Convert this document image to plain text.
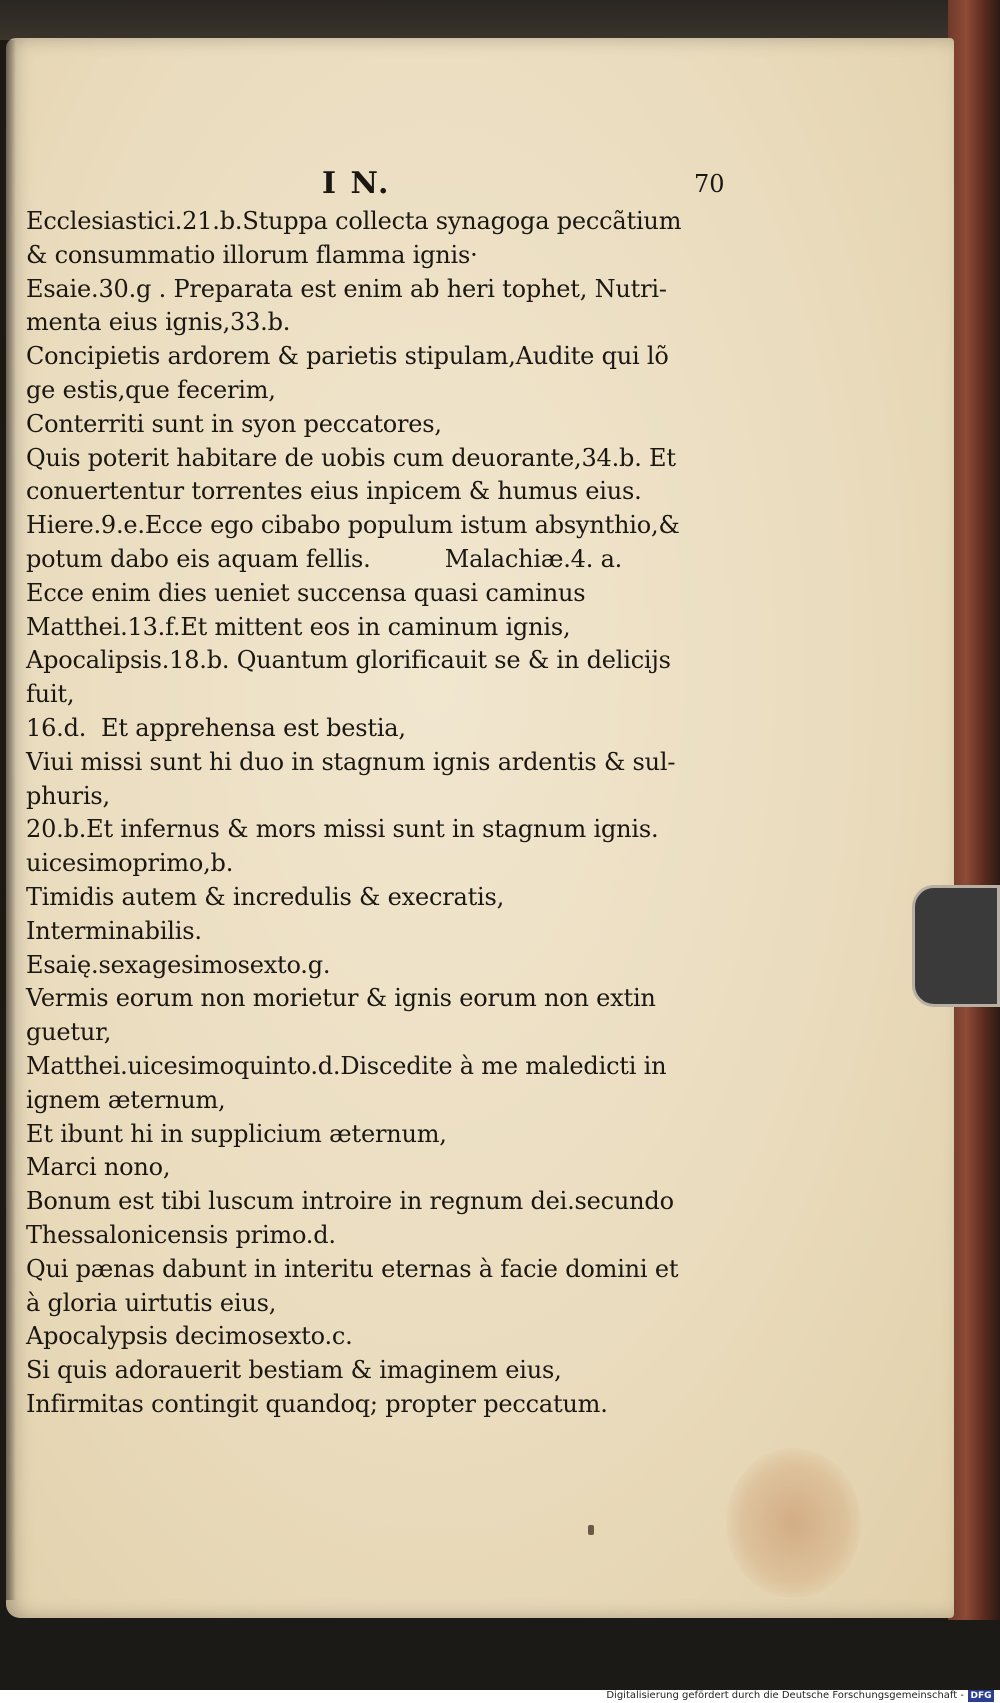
I N.	70
Ecclesiastici.21.b.Stuppa collecta synagoga peccãtium
& consummatio illorum flamma ignis·
Esaie.30.g . Preparata est enim ab heri tophet, Nutri-
menta eius ignis,33.b.
Concipietis ardorem & parietis stipulam,Audite qui lõ
ge estis,que fecerim,
Conterriti sunt in syon peccatores,
Quis poterit habitare de uobis cum deuorante,34.b. Et
conuertentur torrentes eius inpicem & humus eius.
Hiere.9.e.Ecce ego cibabo populum istum absynthio,&
potum dabo eis aquam fellis.          Malachiæ.4. a.
Ecce enim dies ueniet succensa quasi caminus
Matthei.13.f.Et mittent eos in caminum ignis,
Apocalipsis.18.b. Quantum glorificauit se & in delicijs
fuit,
16.d.  Et apprehensa est bestia,
Viui missi sunt hi duo in stagnum ignis ardentis & sul-
phuris,
20.b.Et infernus & mors missi sunt in stagnum ignis.
uicesimoprimo,b.
Timidis autem & incredulis & execratis,
Interminabilis.
Esaię.sexagesimosexto.g.
Vermis eorum non morietur & ignis eorum non extin
guetur,
Matthei.uicesimoquinto.d.Discedite à me maledicti in
ignem æternum,
Et ibunt hi in supplicium æternum,
Marci nono,
Bonum est tibi luscum introire in regnum dei.secundo
Thessalonicensis primo.d.
Qui pænas dabunt in interitu eternas à facie domini et
à gloria uirtutis eius,
Apocalypsis decimosexto.c.
Si quis adorauerit bestiam & imaginem eius,
Infirmitas contingit quandoq; propter peccatum.
Digitalisierung gefördert durch die Deutsche Forschungsgemeinschaft - DFG
